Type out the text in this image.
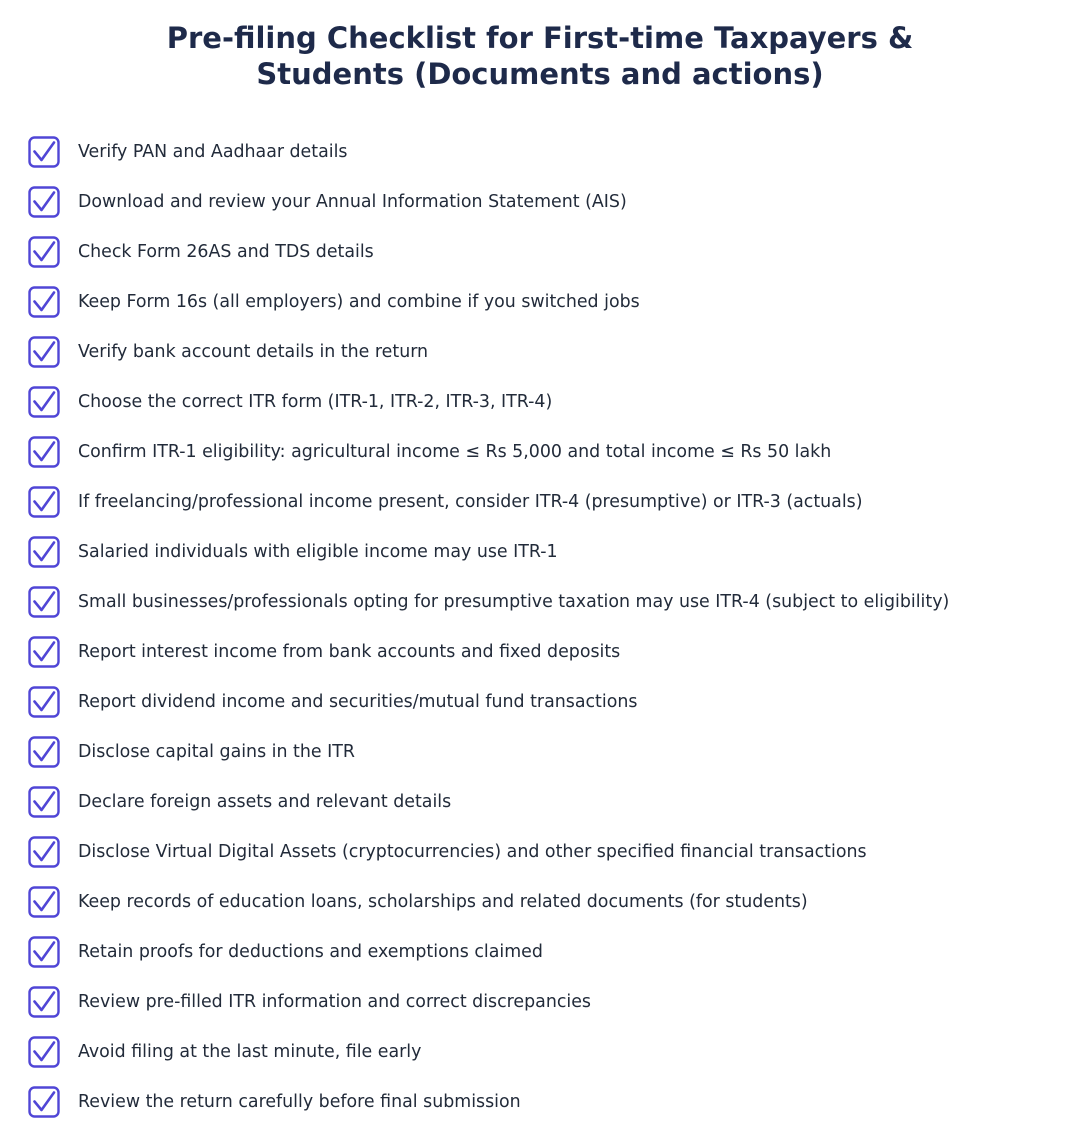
Pre-filing Checklist for First-time Taxpayers &
Students (Documents and actions)
Verify PAN and Aadhaar details
Download and review your Annual Information Statement (AIS)
Check Form 26AS and TDS details
Keep Form 16s (all employers) and combine if you switched jobs
Verify bank account details in the return
Choose the correct ITR form (ITR-1, ITR-2, ITR-3, ITR-4)
Confirm ITR-1 eligibility: agricultural income ≤ Rs 5,000 and total income ≤ Rs 50 lakh
If freelancing/professional income present, consider ITR-4 (presumptive) or ITR-3 (actuals)
Salaried individuals with eligible income may use ITR-1
Small businesses/professionals opting for presumptive taxation may use ITR-4 (subject to eligibility)
Report interest income from bank accounts and fixed deposits
Report dividend income and securities/mutual fund transactions
Disclose capital gains in the ITR
Declare foreign assets and relevant details
Disclose Virtual Digital Assets (cryptocurrencies) and other specified financial transactions
Keep records of education loans, scholarships and related documents (for students)
Retain proofs for deductions and exemptions claimed
Review pre-filled ITR information and correct discrepancies
Avoid filing at the last minute, file early
Review the return carefully before final submission
